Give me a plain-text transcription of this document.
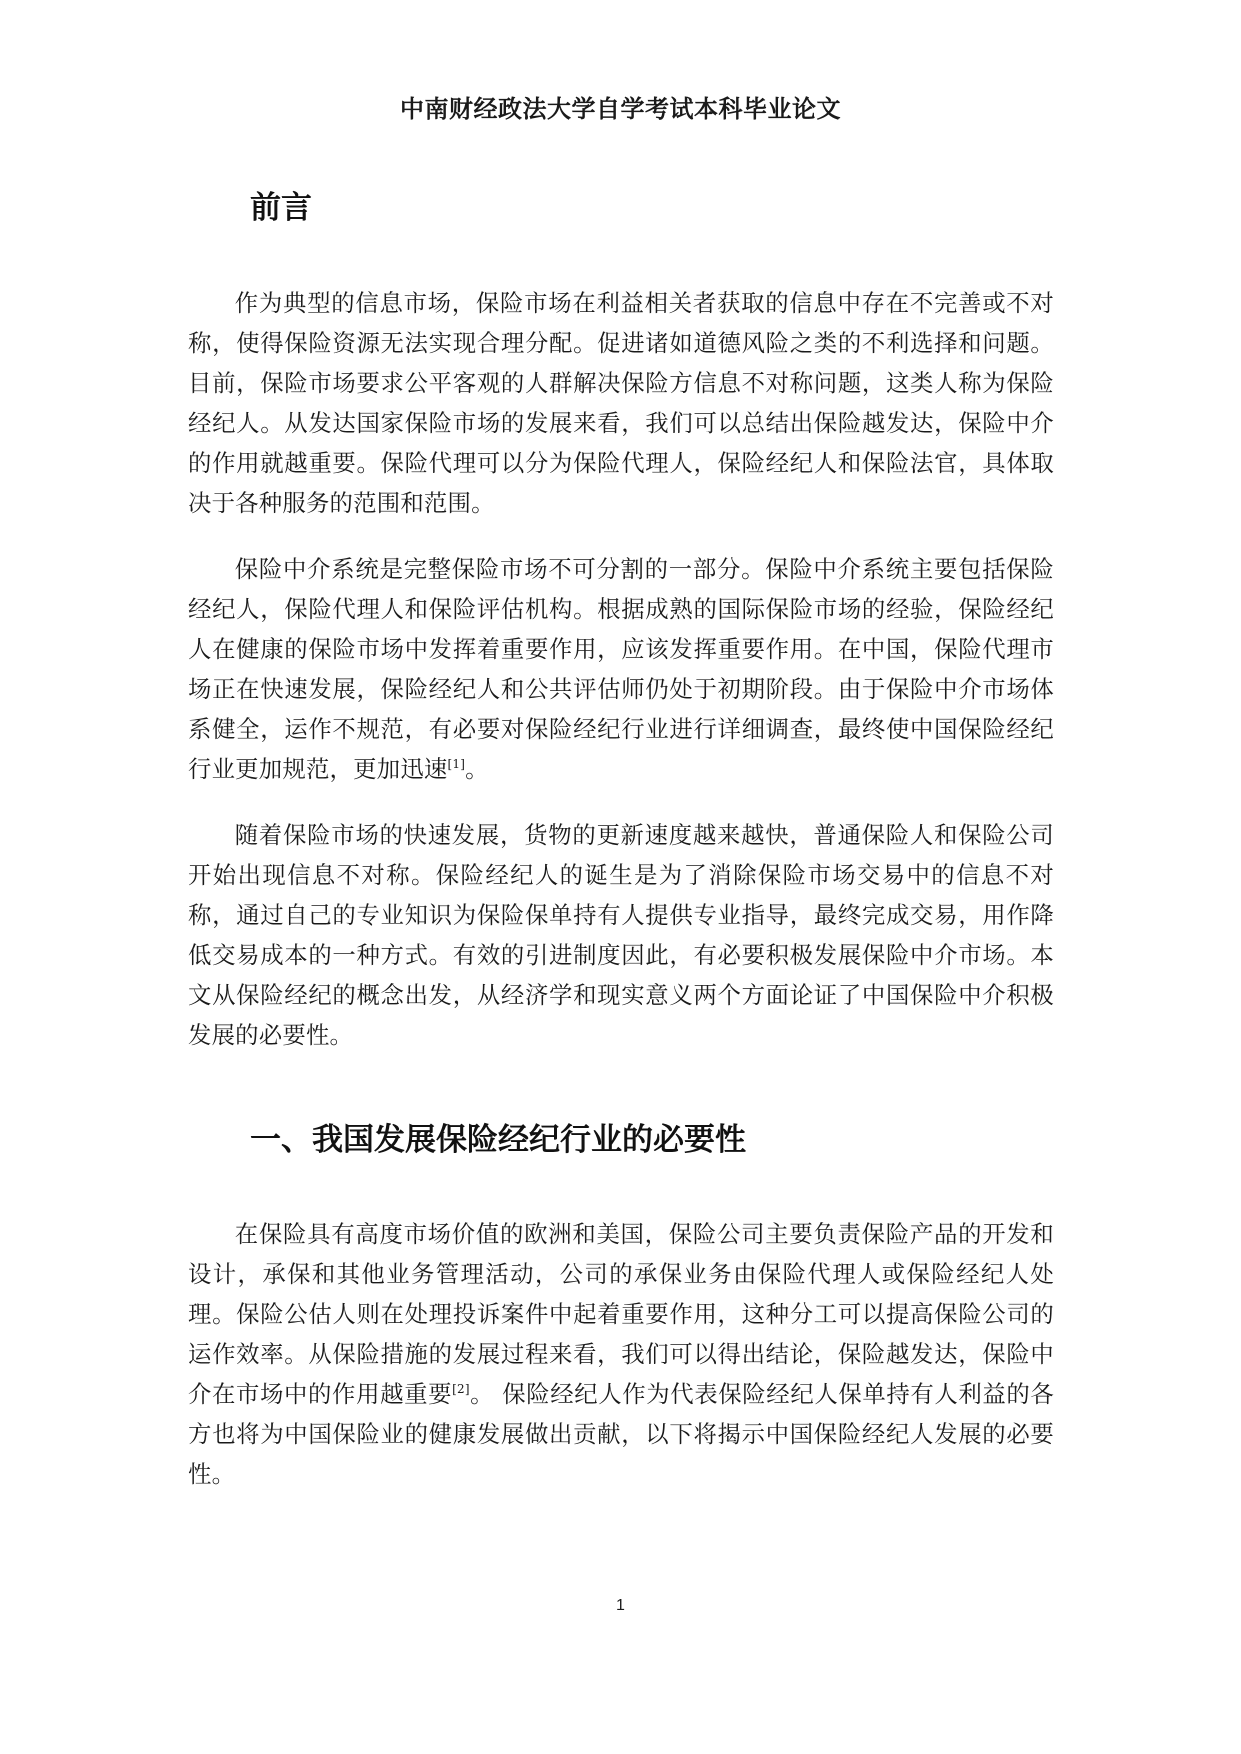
中南财经政法大学自学考试本科毕业论文
前言

作为典型的信息市场，保险市场在利益相关者获取的信息中存在不完善或不对称，使得保险资源无法实现合理分配。促进诸如道德风险之类的不利选择和问题。目前，保险市场要求公平客观的人群解决保险方信息不对称问题，这类人称为保险经纪人。从发达国家保险市场的发展来看，我们可以总结出保险越发达，保险中介的作用就越重要。保险代理可以分为保险代理人，保险经纪人和保险法官，具体取决于各种服务的范围和范围。

保险中介系统是完整保险市场不可分割的一部分。保险中介系统主要包括保险经纪人，保险代理人和保险评估机构。根据成熟的国际保险市场的经验，保险经纪人在健康的保险市场中发挥着重要作用，应该发挥重要作用。在中国，保险代理市场正在快速发展，保险经纪人和公共评估师仍处于初期阶段。由于保险中介市场体系健全，运作不规范，有必要对保险经纪行业进行详细调查，最终使中国保险经纪行业更加规范，更加迅速[1]。

随着保险市场的快速发展，货物的更新速度越来越快，普通保险人和保险公司开始出现信息不对称。保险经纪人的诞生是为了消除保险市场交易中的信息不对称，通过自己的专业知识为保险保单持有人提供专业指导，最终完成交易，用作降低交易成本的一种方式。有效的引进制度因此，有必要积极发展保险中介市场。本文从保险经纪的概念出发，从经济学和现实意义两个方面论证了中国保险中介积极发展的必要性。

一、我国发展保险经纪行业的必要性

在保险具有高度市场价值的欧洲和美国，保险公司主要负责保险产品的开发和设计，承保和其他业务管理活动，公司的承保业务由保险代理人或保险经纪人处理。保险公估人则在处理投诉案件中起着重要作用，这种分工可以提高保险公司的运作效率。从保险措施的发展过程来看，我们可以得出结论，保险越发达，保险中介在市场中的作用越重要[2]。 保险经纪人作为代表保险经纪人保单持有人利益的各方也将为中国保险业的健康发展做出贡献，以下将揭示中国保险经纪人发展的必要性。

1
